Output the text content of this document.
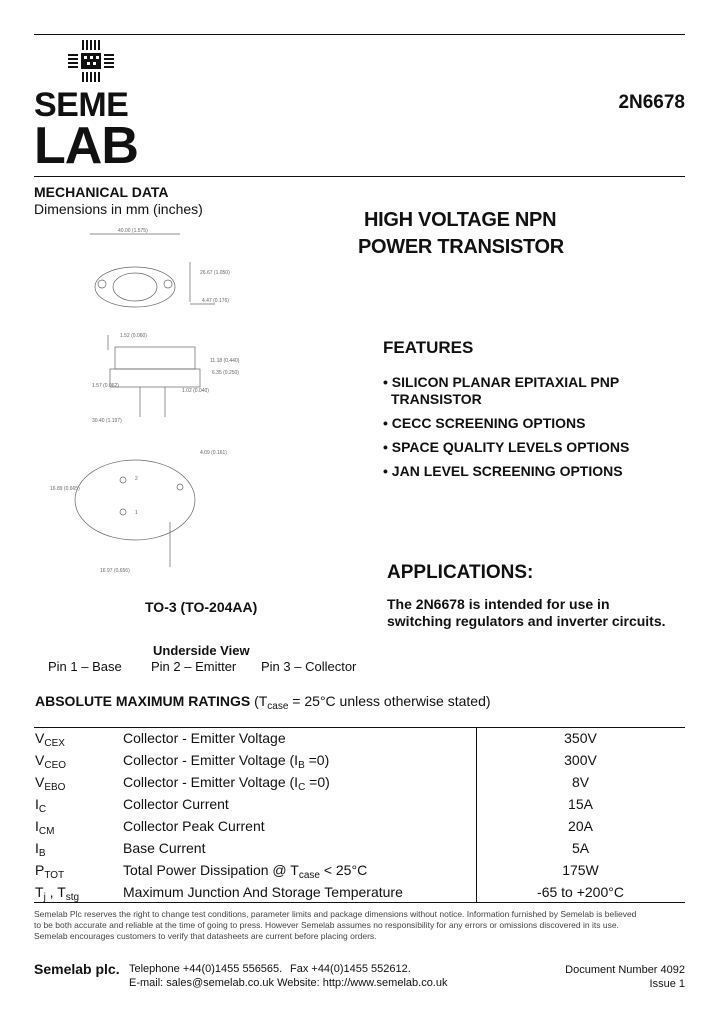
SEME
LAB
2N6678
MECHANICAL DATA
Dimensions in mm (inches)
40.00 (1.575)
26.67 (1.050)
4.47 (0.176)
1.52 (0.060)
11.18 (0.440)
6.35 (0.250)
1.57 (0.062)
1.02 (0.040)
30.40 (1.197)
2
1
4.09 (0.161)
16.89 (0.665)
16.97 (0.656)
TO-3 (TO-204AA)
Underside View
Pin 1 – Base Pin 2 – Emitter Pin 3 – Collector
HIGH VOLTAGE NPN
POWER TRANSISTOR
FEATURES
• SILICON PLANAR EPITAXIAL PNP
TRANSISTOR
• CECC SCREENING OPTIONS
• SPACE QUALITY LEVELS OPTIONS
• JAN LEVEL SCREENING OPTIONS
APPLICATIONS:
The 2N6678 is intended for use in
switching regulators and inverter circuits.
ABSOLUTE MAXIMUM RATINGS ($T_{case} = 25^\circ C$ unless otherwise stated)
$V_{CEX}$	Collector - Emitter Voltage	350V
$V_{CEO}$	Collector - Emitter Voltage $(I_B =0)$	300V
$V_{EBO}$	Collector - Emitter Voltage $(I_C =0)$	8V
$I_C$	Collector Current	15A
$I_{CM}$	Collector Peak Current	20A
$I_B$	Base Current	5A
$P_{TOT}$	Total Power Dissipation @ $T_{case} < 25^\circ C$	175W
$T_j$ , $T_{stg}$	Maximum Junction And Storage Temperature	-65 to +200°C
Semelab Plc reserves the right to change test conditions, parameter limits and package dimensions without notice. Information furnished by Semelab is believed
to be both accurate and reliable at the time of going to press. However Semelab assumes no responsibility for any errors or omissions discovered in its use.
Semelab encourages customers to verify that datasheets are current before placing orders.
Semelab plc. Telephone +44(0)1455 556565. Fax +44(0)1455 552612.
E-mail: sales@semelab.co.uk Website: http://www.semelab.co.uk
Document Number 4092
Issue 1
